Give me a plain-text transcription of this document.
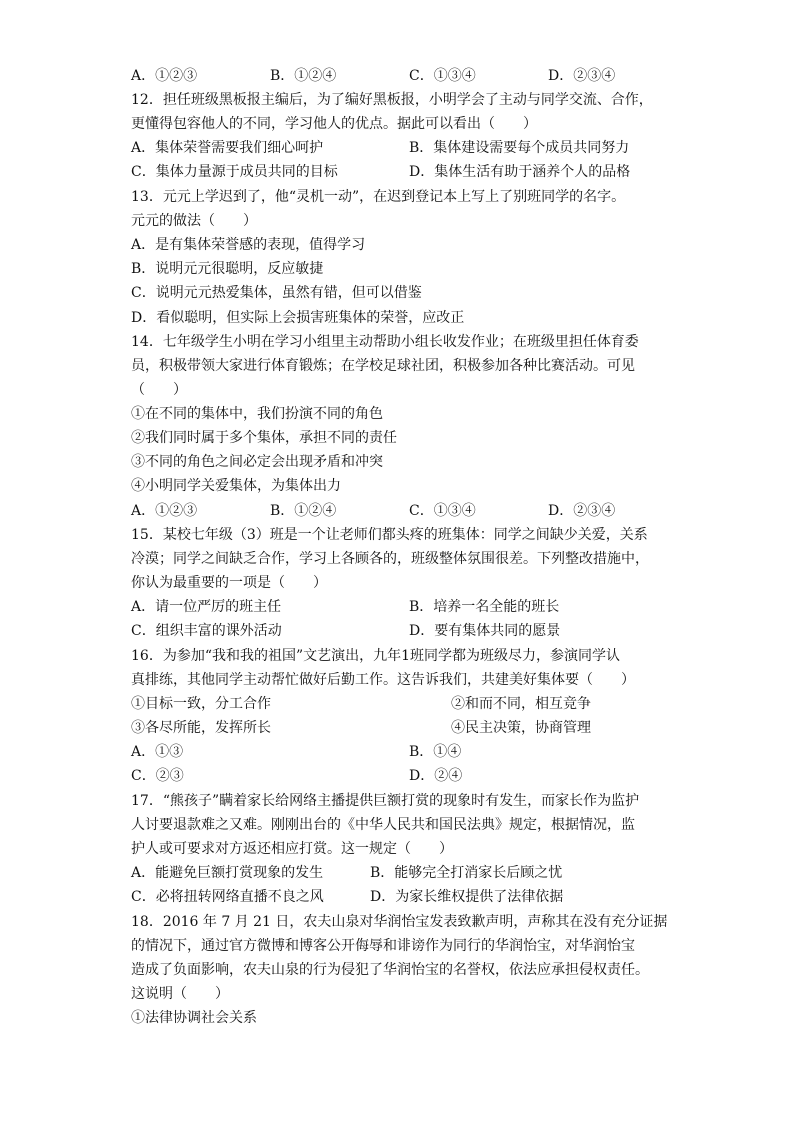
A．①②③	B．①②④	C．①③④	D．②③④
12．担任班级黑板报主编后，为了编好黑板报，小明学会了主动与同学交流、合作，
更懂得包容他人的不同，学习他人的优点。据此可以看出（　　）
A．集体荣誉需要我们细心呵护	B．集体建设需要每个成员共同努力
C．集体力量源于成员共同的目标	D．集体生活有助于涵养个人的品格
13．元元上学迟到了，他“灵机一动”，在迟到登记本上写上了别班同学的名字。
元元的做法（　　）
A．是有集体荣誉感的表现，值得学习
B．说明元元很聪明，反应敏捷
C．说明元元热爱集体，虽然有错，但可以借鉴
D．看似聪明，但实际上会损害班集体的荣誉，应改正
14．七年级学生小明在学习小组里主动帮助小组长收发作业；在班级里担任体育委
员，积极带领大家进行体育锻炼；在学校足球社团，积极参加各种比赛活动。可见
（　　）
①在不同的集体中，我们扮演不同的角色
②我们同时属于多个集体，承担不同的责任
③不同的角色之间必定会出现矛盾和冲突
④小明同学关爱集体，为集体出力
A．①②③	B．①②④	C．①③④	D．②③④
15．某校七年级（3）班是一个让老师们都头疼的班集体：同学之间缺少关爱，关系
冷漠；同学之间缺乏合作，学习上各顾各的，班级整体氛围很差。下列整改措施中，
你认为最重要的一项是（　　）
A．请一位严厉的班主任	B．培养一名全能的班长
C．组织丰富的课外活动	D．要有集体共同的愿景
16．为参加“我和我的祖国”文艺演出，九年1班同学都为班级尽力，参演同学认
真排练，其他同学主动帮忙做好后勤工作。这告诉我们，共建美好集体要（　　）
①目标一致，分工合作	②和而不同，相互竞争
③各尽所能，发挥所长	④民主决策，协商管理
A．①③	B．①④
C．②③	D．②④
17．“熊孩子”瞒着家长给网络主播提供巨额打赏的现象时有发生，而家长作为监护
人讨要退款难之又难。刚刚出台的《中华人民共和国民法典》规定，根据情况，监
护人或可要求对方返还相应打赏。这一规定（　　）
A．能避免巨额打赏现象的发生	B．能够完全打消家长后顾之忧
C．必将扭转网络直播不良之风	D．为家长维权提供了法律依据
18．2016 年 7 月 21 日，农夫山泉对华润怡宝发表致歉声明，声称其在没有充分证据
的情况下，通过官方微博和博客公开侮辱和诽谤作为同行的华润怡宝，对华润怡宝
造成了负面影响，农夫山泉的行为侵犯了华润怡宝的名誉权，依法应承担侵权责任。
这说明（　　）
①法律协调社会关系
